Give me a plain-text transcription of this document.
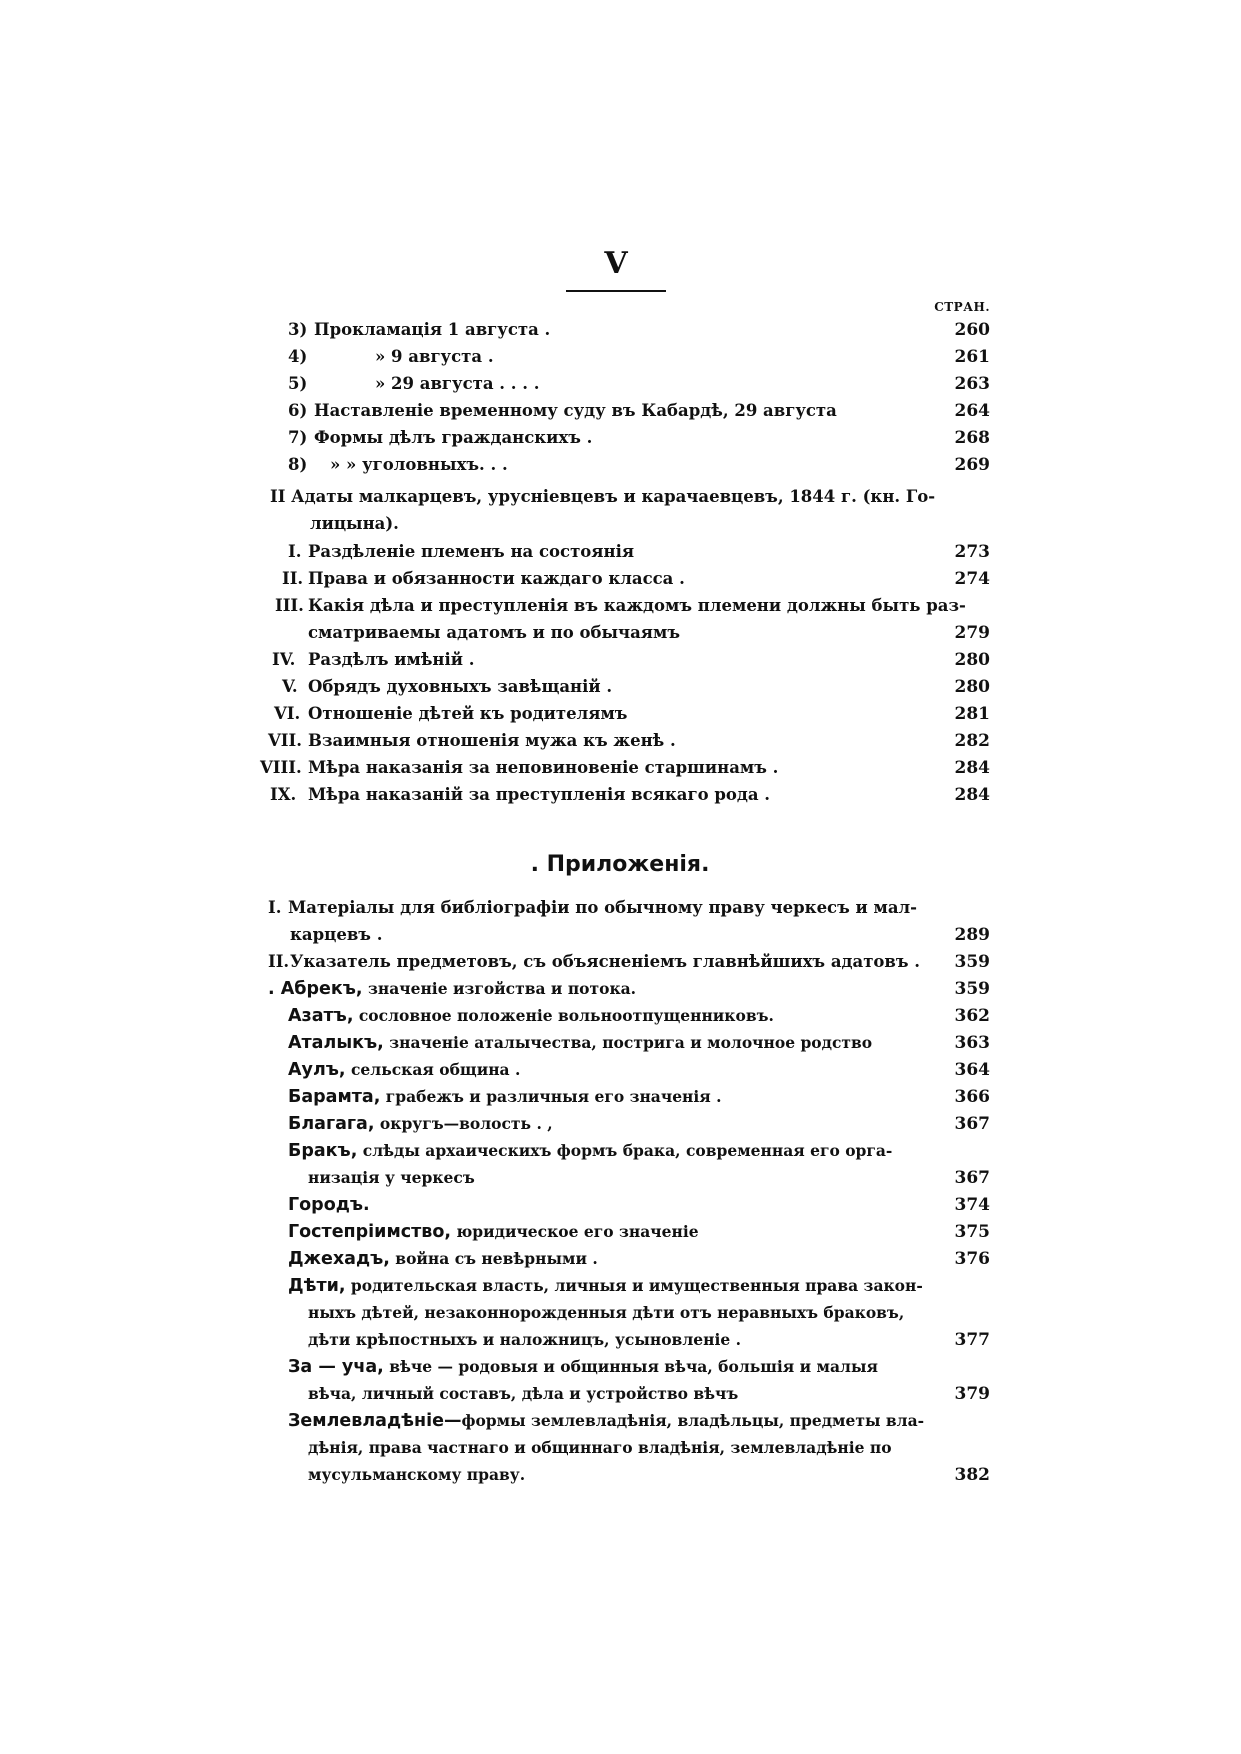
V
СТРАН.
3) Прокламація 1 августа .	260
4)	» 9 августа .	261
5)	» 29 августа . . . .	263
6) Наставленіе временному суду въ Кабардѣ, 29 августа	264
7) Формы дѣлъ гражданскихъ .	268
8) » » уголовныхъ. . .	269
II Адаты малкарцевъ, урусніевцевъ и карачаевцевъ, 1844 г. (кн. Го-
лицына).
I. Раздѣленіе племенъ на состоянія	273
II. Права и обязанности каждаго класса .	274
III. Какія дѣла и преступленія въ каждомъ племени должны быть раз-
сматриваемы адатомъ и по обычаямъ	279
IV. Раздѣлъ имѣній .	280
V. Обрядъ духовныхъ завѣщаній .	280
VI. Отношеніе дѣтей къ родителямъ	281
VII. Взаимныя отношенія мужа къ женѣ .	282
VIII. Мѣра наказанія за неповиновеніе старшинамъ .	284
IX. Мѣра наказаній за преступленія всякаго рода .	284
. Приложенія.
I. Матеріалы для библіографіи по обычному праву черкесъ и мал-
карцевъ .	289
II. Указатель предметовъ, съ объясненіемъ главнѣйшихъ адатовъ .	359
. Абрекъ, значеніе изгойства и потока.	359
Азатъ, сословное положеніе вольноотпущенниковъ.	362
Аталыкъ, значеніе аталычества, пострига и молочное родство	363
Аулъ, сельская община .	364
Барамта, грабежъ и различныя его значенія .	366
Благага, округъ—волость . ,	367
Бракъ, слѣды архаическихъ формъ брака, современная его орга-
низація у черкесъ	367
Городъ.	374
Гостепріимство, юридическое его значеніе	375
Джехадъ, война съ невѣрными .	376
Дѣти, родительская власть, личныя и имущественныя права закон-
ныхъ дѣтей, незаконнорожденныя дѣти отъ неравныхъ браковъ,
дѣти крѣпостныхъ и наложницъ, усыновленіе .	377
За — уча, вѣче — родовыя и общинныя вѣча, большія и малыя
вѣча, личный составъ, дѣла и устройство вѣчъ	379
Землевладѣніе—формы землевладѣнія, владѣльцы, предметы вла-
дѣнія, права частнаго и общиннаго владѣнія, землевладѣніе по
мусульманскому праву.	382
